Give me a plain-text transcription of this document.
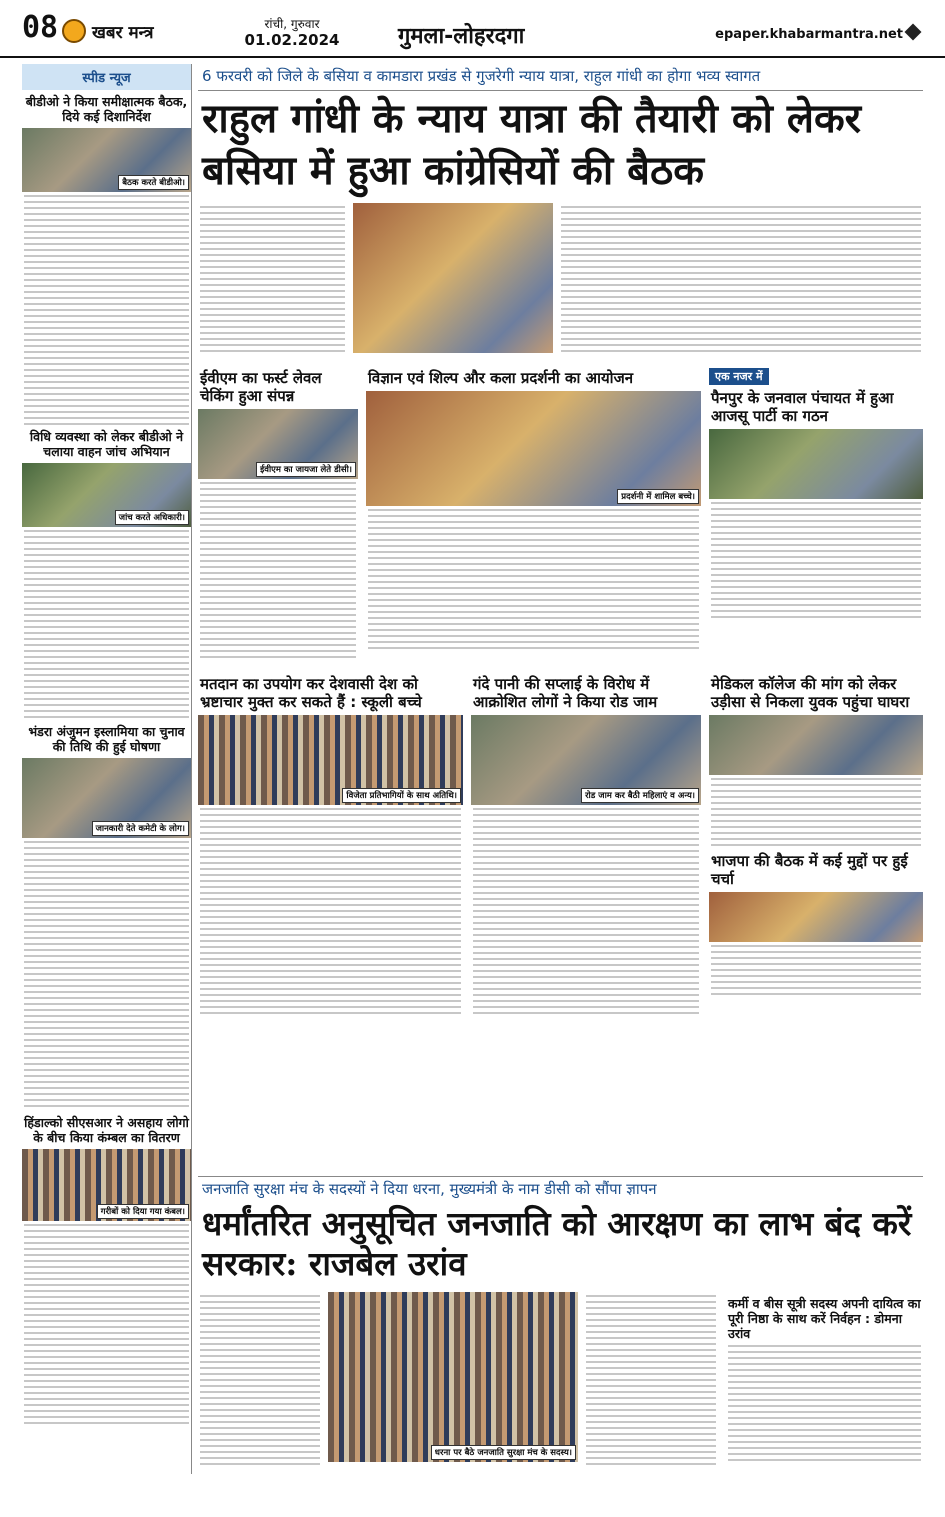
08 खबर मन्त्र	रांची, गुरुवार
01.02.2024	गुमला-लोहरदगा	epaper.khabarmantra.net
स्पीड न्यूज
बीडीओ ने किया समीक्षात्मक बैठक, दिये कई दिशानिर्देश
बैठक करते बीडीओ।
विधि व्यवस्था को लेकर बीडीओ ने चलाया वाहन जांच अभियान
जांच करते अधिकारी।
भंडरा अंजुमन इस्लामिया का चुनाव की तिथि की हुई घोषणा
जानकारी देते कमेटी के लोग।
हिंडाल्को सीएसआर ने असहाय लोगो के बीच किया कंम्बल का वितरण
गरीबों को दिया गया कंबल।
6 फरवरी को जिले के बसिया व कामडारा प्रखंड से गुजरेगी न्याय यात्रा, राहुल गांधी का होगा भव्य स्वागत
राहुल गांधी के न्याय यात्रा की तैयारी को लेकर बसिया में हुआ कांग्रेसियों की बैठक
ईवीएम का फर्स्ट लेवल चेकिंग हुआ संपन्न
ईवीएम का जायजा लेते डीसी।
विज्ञान एवं शिल्प और कला प्रदर्शनी का आयोजन
प्रदर्शनी में शामिल बच्चे।
एक नजर में
पैनपुर के जनवाल पंचायत में हुआ आजसू पार्टी का गठन
मतदान का उपयोग कर देशवासी देश को भ्रष्टाचार मुक्त कर सकते हैं : स्कूली बच्चे
विजेता प्रतिभागियों के साथ अतिथि।
गंदे पानी की सप्लाई के विरोध में आक्रोशित लोगों ने किया रोड जाम
रोड जाम कर बैठी महिलाएं व अन्य।
मेडिकल कॉलेज की मांग को लेकर उड़ीसा से निकला युवक पहुंचा घाघरा
भाजपा की बैठक में कई मुद्दों पर हुई चर्चा
जनजाति सुरक्षा मंच के सदस्यों ने दिया धरना, मुख्यमंत्री के नाम डीसी को सौंपा ज्ञापन
धर्मांतरित अनुसूचित जनजाति को आरक्षण का लाभ बंद करें सरकार: राजबेल उरांव
धरना पर बैठे जनजाति सुरक्षा मंच के सदस्य।
कर्मी व बीस सूत्री सदस्य अपनी दायित्व का पूरी निष्ठा के साथ करें निर्वहन : डोमना उरांव
